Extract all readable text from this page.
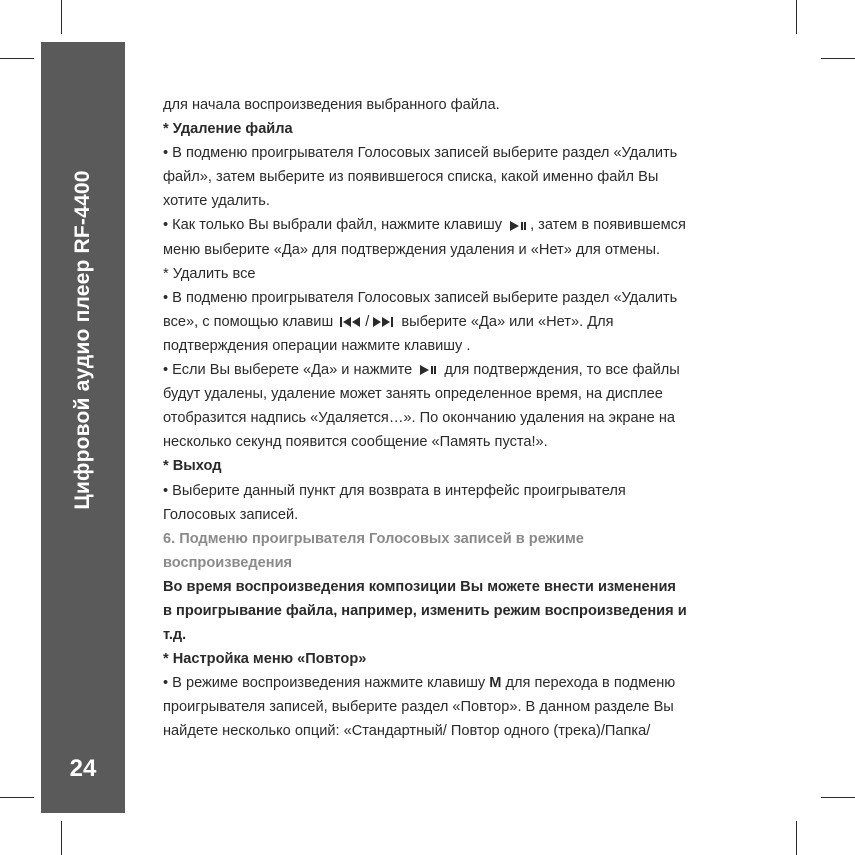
Цифровой аудио плеер RF-4400
24
для начала воспроизведения выбранного файла.
* Удаление файла
• В подменю проигрывателя Голосовых записей выберите раздел «Удалить
файл», затем выберите из появившегося списка, какой именно файл Вы
хотите удалить.
• Как только Вы выбрали файл, нажмите клавишу , затем в появившемся
меню выберите «Да» для подтверждения удаления и «Нет» для отмены.
* Удалить все
• В подменю проигрывателя Голосовых записей выберите раздел «Удалить
все», с помощью клавиш / выберите «Да» или «Нет». Для
подтверждения операции нажмите клавишу .
• Если Вы выберете «Да» и нажмите для подтверждения, то все файлы
будут удалены, удаление может занять определенное время, на дисплее
отобразится надпись «Удаляется…». По окончанию удаления на экране на
несколько секунд появится сообщение «Память пуста!».
* Выход
• Выберите данный пункт для возврата в интерфейс проигрывателя
Голосовых записей.
6. Подменю проигрывателя Голосовых записей в режиме
воспроизведения
Во время воспроизведения композиции Вы можете внести изменения
в проигрывание файла, например, изменить режим воспроизведения и
т.д.
* Настройка меню «Повтор»
• В режиме воспроизведения нажмите клавишу M для перехода в подменю
проигрывателя записей, выберите раздел «Повтор». В данном разделе Вы
найдете несколько опций: «Стандартный/ Повтор одного (трека)/Папка/
